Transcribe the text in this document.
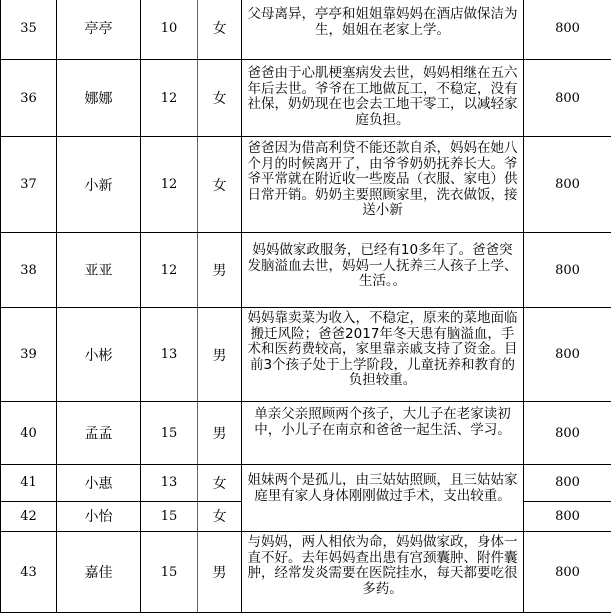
35	亭亭	10	女	父母离异，亭亭和姐姐靠妈妈在酒店做保洁为生，姐姐在老家上学。	800
36	娜娜	12	女	爸爸由于心肌梗塞病发去世，妈妈相继在五六年后去世。爷爷在工地做瓦工，不稳定，没有社保，奶奶现在也会去工地干零工，以减轻家庭负担。	800
37	小新	12	女	爸爸因为借高利贷不能还款自杀，妈妈在她八个月的时候离开了，由爷爷奶奶抚养长大。爷爷平常就在附近收一些废品（衣服、家电）供日常开销。奶奶主要照顾家里，洗衣做饭，接送小新	800
38	亚亚	12	男	妈妈做家政服务，已经有10多年了。爸爸突发脑溢血去世，妈妈一人抚养三人孩子上学、生活。。	800
39	小彬	13	男	妈妈靠卖菜为收入，不稳定，原来的菜地面临搬迁风险；爸爸2017年冬天患有脑溢血，手术和医药费较高，家里靠亲戚支持了资金。目前3个孩子处于上学阶段，儿童抚养和教育的负担较重。	800
40	孟孟	15	男	单亲父亲照顾两个孩子，大儿子在老家读初中，小儿子在南京和爸爸一起生活、学习。	800
41	小惠	13	女	姐妹两个是孤儿，由三姑姑照顾，且三姑姑家庭里有家人身体刚刚做过手术，支出较重。	800
42	小怡	15	女		800
43	嘉佳	15	男	与妈妈，两人相依为命，妈妈做家政，身体一直不好。去年妈妈查出患有宫颈囊肿、附件囊肿，经常发炎需要在医院挂水，每天都要吃很多药。	800
